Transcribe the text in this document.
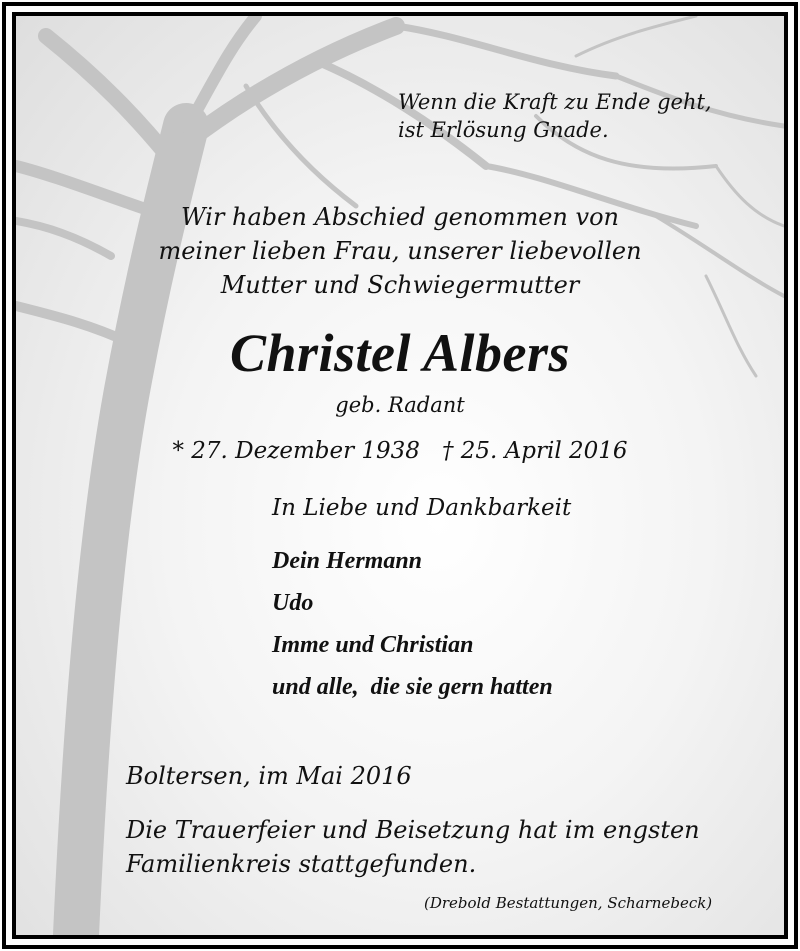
Wenn die Kraft zu Ende geht,
ist Erlösung Gnade.

Wir haben Abschied genommen von
meiner lieben Frau, unserer liebevollen
Mutter und Schwiegermutter

Christel Albers

geb. Radant

* 27. Dezember 1938 † 25. April 2016

In Liebe und Dankbarkeit

Dein Hermann
Udo
Imme und Christian
und alle,  die sie gern hatten

Boltersen, im Mai 2016

Die Trauerfeier und Beisetzung hat im engsten
Familienkreis stattgefunden.

(Drebold Bestattungen, Scharnebeck)
